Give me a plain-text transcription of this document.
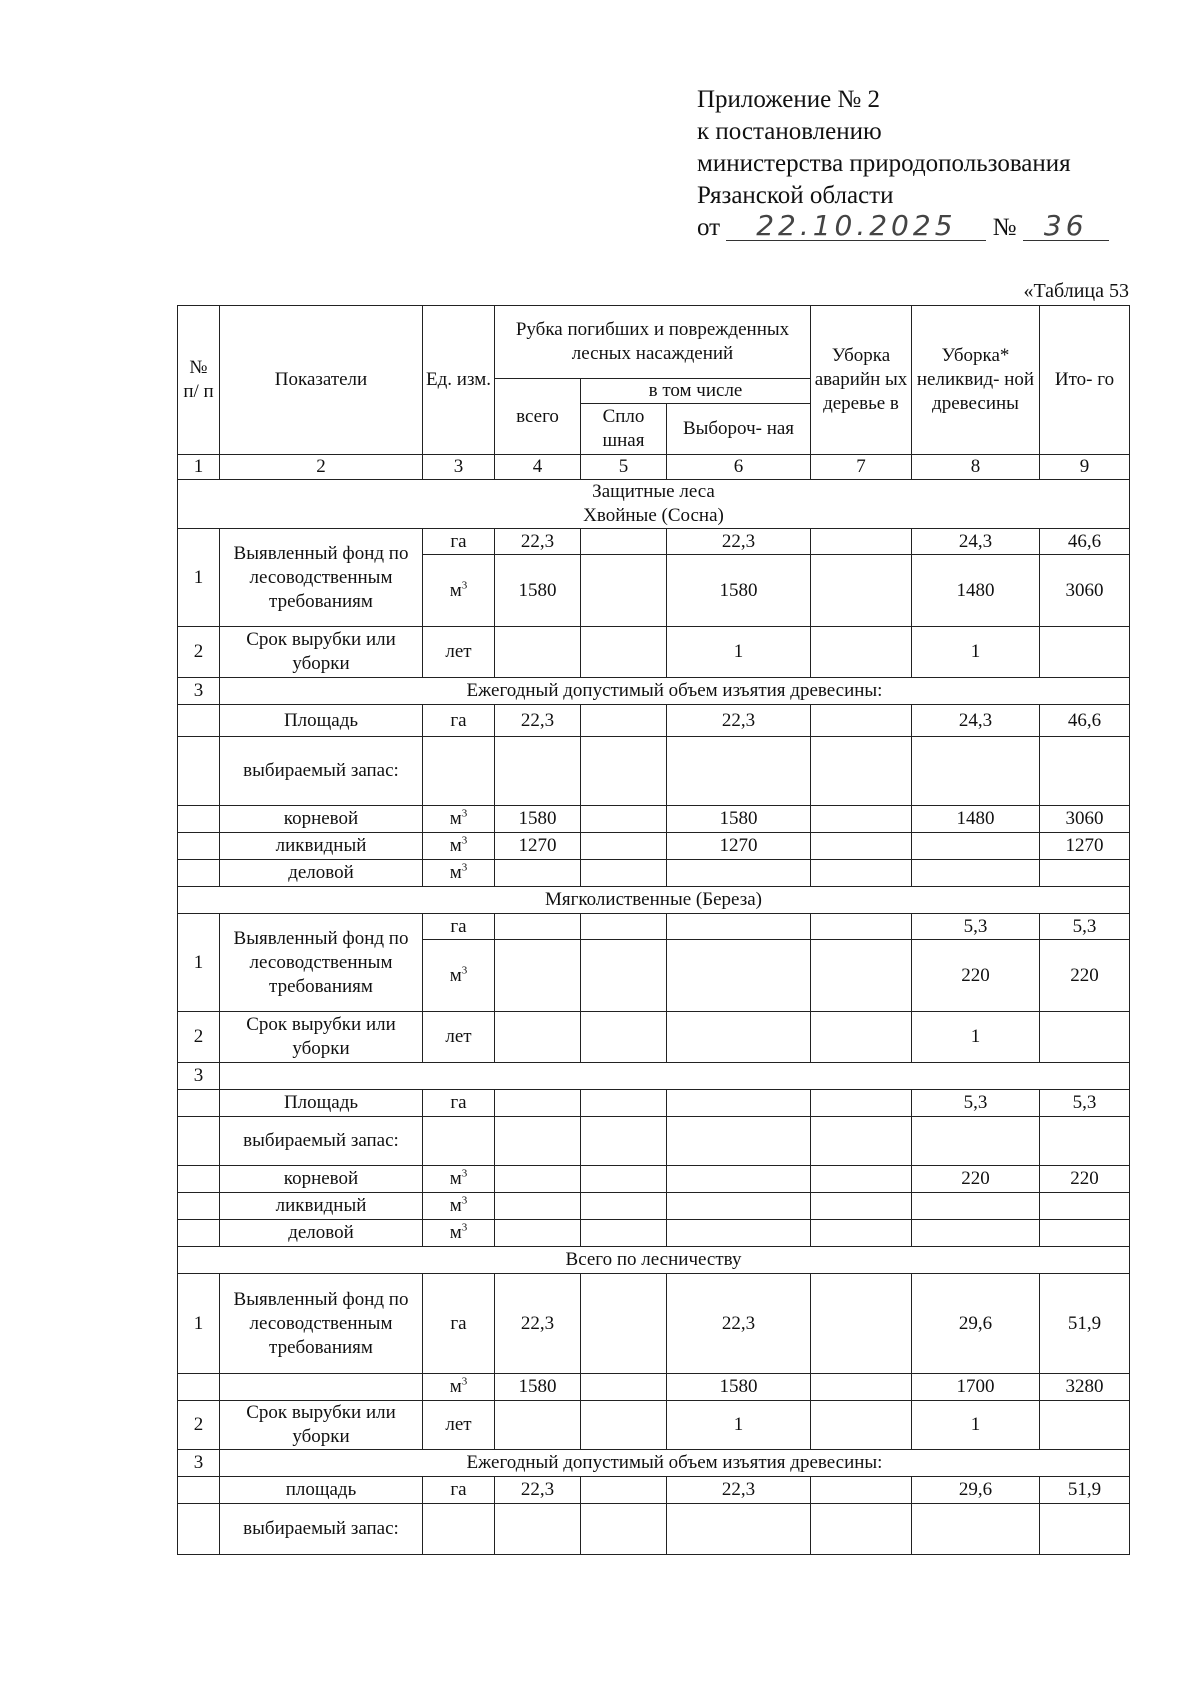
Приложение № 2
к постановлению
министерства природопользования
Рязанской области
от 22.10.2025 № 36
«Таблица 53
№ п/ п	Показатели	Ед. изм.	Рубка погибших и поврежденных лесных насаждений			Уборка аварийн ых деревье в	Уборка* неликвид- ной древесины	Ито- го
			всего	в том числе				
				Спло шная	Выбороч- ная			
1	2	3	4	5	6	7	8	9

Защитные леса
Хвойные (Сосна)								

1	Выявленный фонд по лесоводственным требованиям	га	22,3		22,3		24,3	46,6
		$м^3$	1580		1580		1480	3060
2	Срок вырубки или уборки	лет			1		1	
3	Ежегодный допустимый объем изъятия древесины:							
	Площадь	га	22,3		22,3		24,3	46,6
	выбираемый запас:							
	корневой	$м^3$	1580		1580		1480	3060
	ликвидный	$м^3$	1270		1270			1270
	деловой	$м^3$						
Мягколиственные (Береза)								
1	Выявленный фонд по лесоводственным требованиям	га					5,3	5,3
		$м^3$					220	220
2	Срок вырубки или уборки	лет					1	
3								
	Площадь	га					5,3	5,3
	выбираемый запас:							
	корневой	$м^3$					220	220
	ликвидный	$м^3$						
	деловой	$м^3$						
Всего по лесничеству								
1	Выявленный фонд по лесоводственным требованиям	га	22,3		22,3		29,6	51,9
		$м^3$	1580		1580		1700	3280
2	Срок вырубки или уборки	лет			1		1	
3	Ежегодный допустимый объем изъятия древесины:							
	площадь	га	22,3		22,3		29,6	51,9
	выбираемый запас:							
